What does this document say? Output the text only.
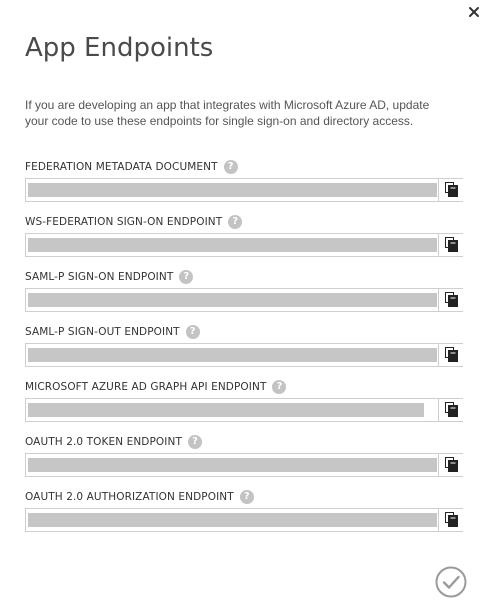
App Endpoints

If you are developing an app that integrates with Microsoft Azure AD, update your code to use these endpoints for single sign-on and directory access.

FEDERATION METADATA DOCUMENT	?
WS-FEDERATION SIGN-ON ENDPOINT	?
SAML-P SIGN-ON ENDPOINT	?
SAML-P SIGN-OUT ENDPOINT	?
MICROSOFT AZURE AD GRAPH API ENDPOINT	?
OAUTH 2.0 TOKEN ENDPOINT	?
OAUTH 2.0 AUTHORIZATION ENDPOINT	?
